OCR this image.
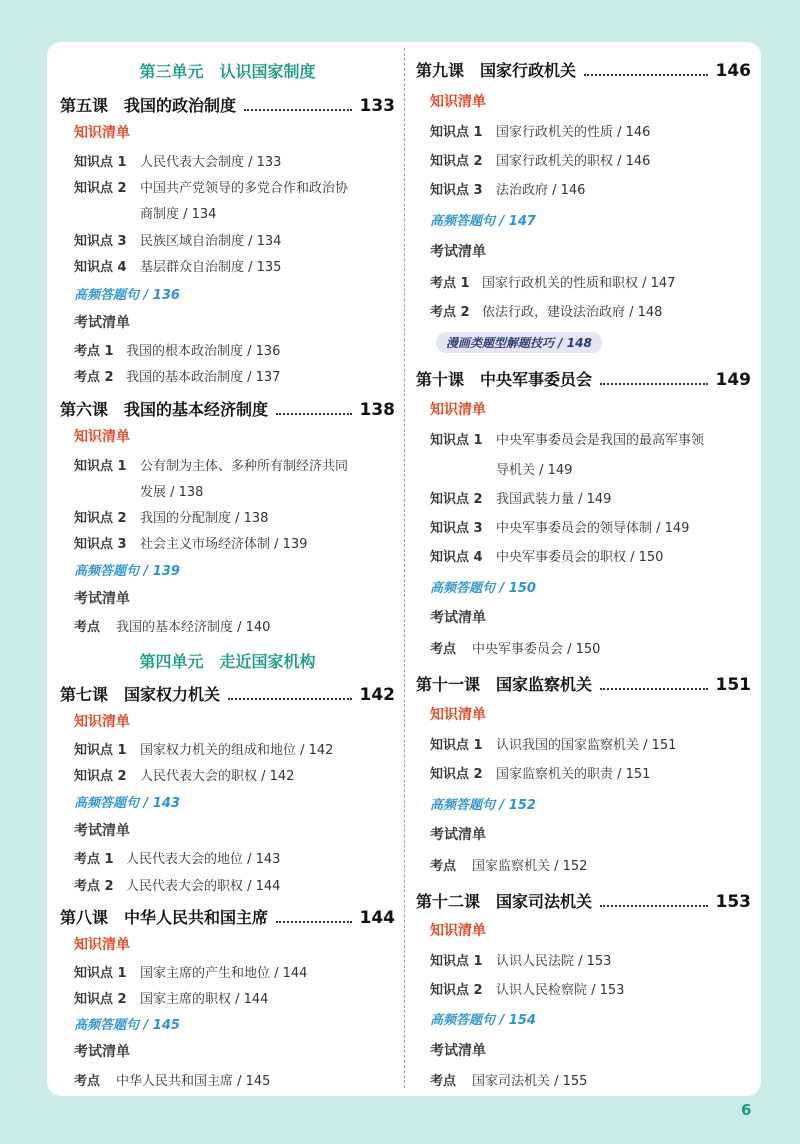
第三单元　认识国家制度
第五课　我国的政治制度	133
知识清单
知识点 1 人民代表大会制度 / 133
知识点 2 中国共产党领导的多党合作和政治协
商制度 / 134
知识点 3 民族区域自治制度 / 134
知识点 4 基层群众自治制度 / 135
高频答题句 / 136
考试清单
考点 1 我国的根本政治制度 / 136
考点 2 我国的基本政治制度 / 137
第六课　我国的基本经济制度	138
知识清单
知识点 1 公有制为主体、多种所有制经济共同
发展 / 138
知识点 2 我国的分配制度 / 138
知识点 3 社会主义市场经济体制 / 139
高频答题句 / 139
考试清单
考点 我国的基本经济制度 / 140
第四单元　走近国家机构
第七课　国家权力机关	142
知识清单
知识点 1 国家权力机关的组成和地位 / 142
知识点 2 人民代表大会的职权 / 142
高频答题句 / 143
考试清单
考点 1 人民代表大会的地位 / 143
考点 2 人民代表大会的职权 / 144
第八课　中华人民共和国主席	144
知识清单
知识点 1 国家主席的产生和地位 / 144
知识点 2 国家主席的职权 / 144
高频答题句 / 145
考试清单
考点 中华人民共和国主席 / 145
第九课　国家行政机关	146
知识清单
知识点 1 国家行政机关的性质 / 146
知识点 2 国家行政机关的职权 / 146
知识点 3 法治政府 / 146
高频答题句 / 147
考试清单
考点 1 国家行政机关的性质和职权 / 147
考点 2 依法行政，建设法治政府 / 148
漫画类题型解题技巧 / 148
第十课　中央军事委员会	149
知识清单
知识点 1 中央军事委员会是我国的最高军事领
导机关 / 149
知识点 2 我国武装力量 / 149
知识点 3 中央军事委员会的领导体制 / 149
知识点 4 中央军事委员会的职权 / 150
高频答题句 / 150
考试清单
考点 中央军事委员会 / 150
第十一课　国家监察机关	151
知识清单
知识点 1 认识我国的国家监察机关 / 151
知识点 2 国家监察机关的职责 / 151
高频答题句 / 152
考试清单
考点 国家监察机关 / 152
第十二课　国家司法机关	153
知识清单
知识点 1 认识人民法院 / 153
知识点 2 认识人民检察院 / 153
高频答题句 / 154
考试清单
考点 国家司法机关 / 155
6
